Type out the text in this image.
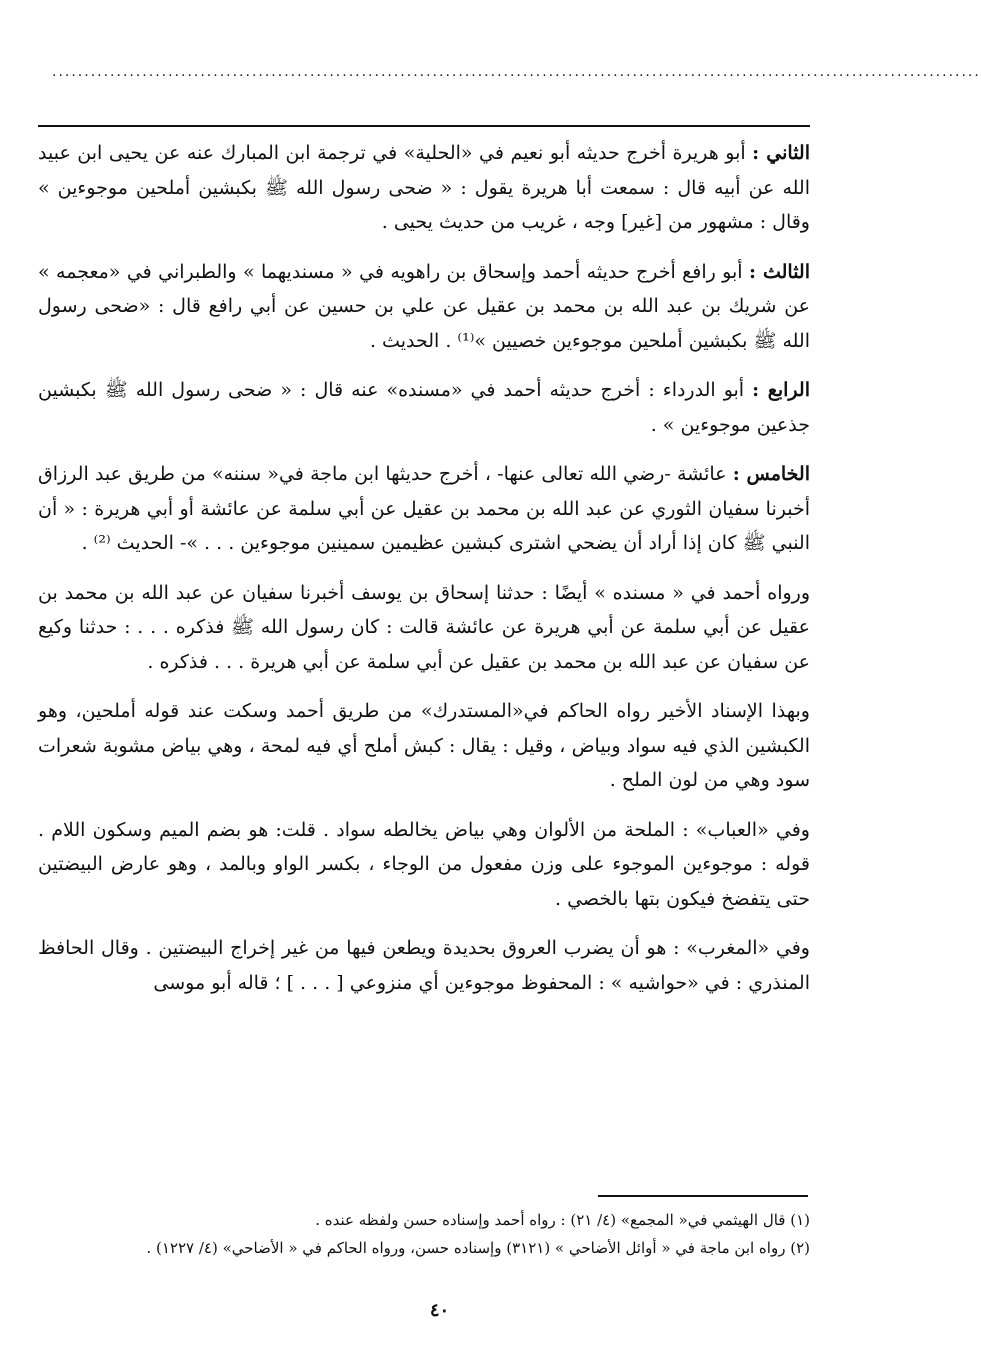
................................................................................................................................................

الثاني : أبو هريرة أخرج حديثه أبو نعيم في «الحلية» في ترجمة ابن المبارك عنه عن يحيى ابن عبيد الله عن أبيه قال : سمعت أبا هريرة يقول : « ضحى رسول الله ﷺ بكبشين أملحين موجوءين » وقال : مشهور من [غير] وجه ، غريب من حديث يحيى .

الثالث : أبو رافع أخرج حديثه أحمد وإسحاق بن راهويه في « مسنديهما » والطبراني في «معجمه » عن شريك بن عبد الله بن محمد بن عقيل عن علي بن حسين عن أبي رافع قال : «ضحى رسول الله ﷺ بكبشين أملحين موجوءين خصيين »⁽¹⁾ . الحديث .

الرابع : أبو الدرداء : أخرج حديثه أحمد في «مسنده» عنه قال : « ضحى رسول الله ﷺ بكبشين جذعين موجوءين » .

الخامس : عائشة -رضي الله تعالى عنها- ، أخرج حديثها ابن ماجة في« سننه» من طريق عبد الرزاق أخبرنا سفيان الثوري عن عبد الله بن محمد بن عقيل عن أبي سلمة عن عائشة أو أبي هريرة : « أن النبي ﷺ كان إذا أراد أن يضحي اشترى كبشين عظيمين سمينين موجوءين . . . »- الحديث ⁽²⁾ .

ورواه أحمد في « مسنده » أيضًا : حدثنا إسحاق بن يوسف أخبرنا سفيان عن عبد الله بن محمد بن عقيل عن أبي سلمة عن أبي هريرة عن عائشة قالت : كان رسول الله ﷺ فذكره . . . : حدثنا وكيع عن سفيان عن عبد الله بن محمد بن عقيل عن أبي سلمة عن أبي هريرة . . . فذكره .

وبهذا الإسناد الأخير رواه الحاكم في«المستدرك» من طريق أحمد وسكت عند قوله أملحين، وهو الكبشين الذي فيه سواد وبياض ، وقيل : يقال : كبش أملح أي فيه لمحة ، وهي بياض مشوبة شعرات سود وهي من لون الملح .

وفي «العباب» : الملحة من الألوان وهي بياض يخالطه سواد . قلت: هو بضم الميم وسكون اللام . قوله : موجوءين الموجوء على وزن مفعول من الوجاء ، بكسر الواو وبالمد ، وهو عارض البيضتين حتى يتفضخ فيكون بتها بالخصي .

وفي «المغرب» : هو أن يضرب العروق بحديدة ويطعن فيها من غير إخراج البيضتين . وقال الحافظ المنذري : في «حواشيه » : المحفوظ موجوءين أي منزوعي [ . . . ] ؛ قاله أبو موسى

(١) قال الهيثمي في« المجمع» (٤/ ٢١) : رواه أحمد وإسناده حسن ولفظه عنده .

(٢) رواه ابن ماجة في « أوائل الأضاحي » (٣١٢١) وإسناده حسن، ورواه الحاكم في « الأضاحي» (٤/ ١٢٢٧) .

٤٠
